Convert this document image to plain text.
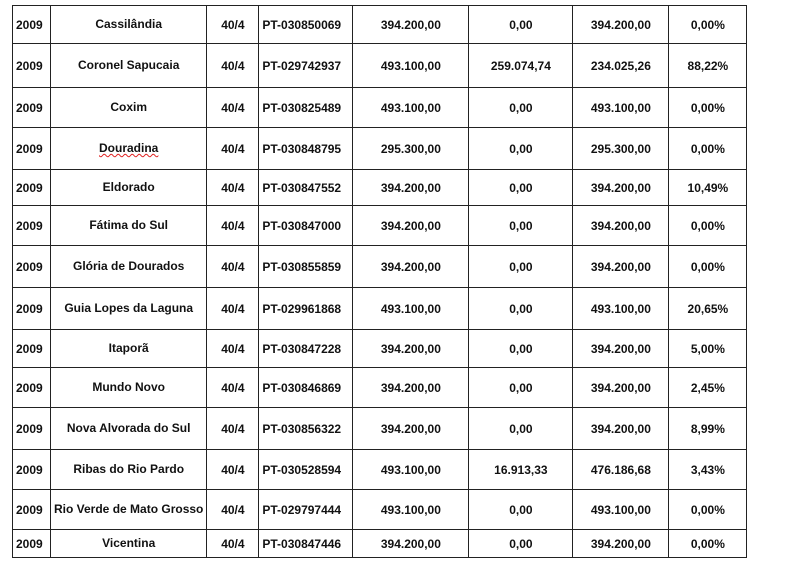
2009	Cassilândia	40/4	PT-030850069	394.200,00	0,00	394.200,00	0,00%
2009	Coronel Sapucaia	40/4	PT-029742937	493.100,00	259.074,74	234.025,26	88,22%
2009	Coxim	40/4	PT-030825489	493.100,00	0,00	493.100,00	0,00%
2009	Douradina	40/4	PT-030848795	295.300,00	0,00	295.300,00	0,00%
2009	Eldorado	40/4	PT-030847552	394.200,00	0,00	394.200,00	10,49%
2009	Fátima do Sul	40/4	PT-030847000	394.200,00	0,00	394.200,00	0,00%
2009	Glória de Dourados	40/4	PT-030855859	394.200,00	0,00	394.200,00	0,00%
2009	Guia Lopes da Laguna	40/4	PT-029961868	493.100,00	0,00	493.100,00	20,65%
2009	Itaporã	40/4	PT-030847228	394.200,00	0,00	394.200,00	5,00%
2009	Mundo Novo	40/4	PT-030846869	394.200,00	0,00	394.200,00	2,45%
2009	Nova Alvorada do Sul	40/4	PT-030856322	394.200,00	0,00	394.200,00	8,99%
2009	Ribas do Rio Pardo	40/4	PT-030528594	493.100,00	16.913,33	476.186,68	3,43%
2009	Rio Verde de Mato Grosso	40/4	PT-029797444	493.100,00	0,00	493.100,00	0,00%
2009	Vicentina	40/4	PT-030847446	394.200,00	0,00	394.200,00	0,00%
